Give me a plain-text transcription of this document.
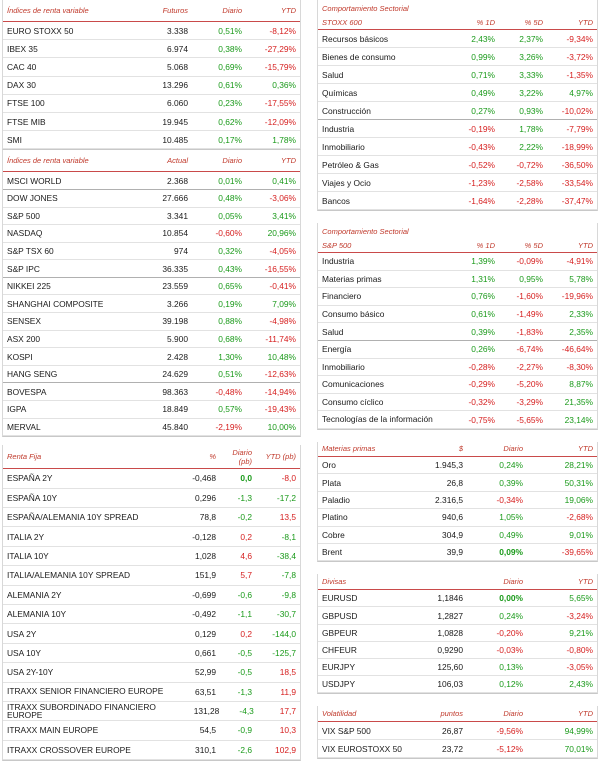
Índices de renta variable	Futuros	Diario	YTD
EURO STOXX 50	3.338	0,51%	-8,12%
IBEX 35	6.974	0,38%	-27,29%
CAC 40	5.068	0,69%	-15,79%
DAX 30	13.296	0,61%	0,36%
FTSE 100	6.060	0,23%	-17,55%
FTSE MIB	19.945	0,62%	-12,09%
SMI	10.485	0,17%	1,78%
Índices de renta variable	Actual	Diario	YTD
MSCI WORLD	2.368	0,01%	0,41%
DOW JONES	27.666	0,48%	-3,06%
S&P 500	3.341	0,05%	3,41%
NASDAQ	10.854	-0,60%	20,96%
S&P TSX 60	974	0,32%	-4,05%
S&P IPC	36.335	0,43%	-16,55%
NIKKEI 225	23.559	0,65%	-0,41%
SHANGHAI COMPOSITE	3.266	0,19%	7,09%
SENSEX	39.198	0,88%	-4,98%
ASX 200	5.900	0,68%	-11,74%
KOSPI	2.428	1,30%	10,48%
HANG SENG	24.629	0,51%	-12,63%
BOVESPA	98.363	-0,48%	-14,94%
IGPA	18.849	0,57%	-19,43%
MERVAL	45.840	-2,19%	10,00%
Renta Fija	%	Diario (pb)	YTD (pb)
ESPAÑA 2Y	-0,468	0,0	-8,0
ESPAÑA 10Y	0,296	-1,3	-17,2
ESPAÑA/ALEMANIA 10Y SPREAD	78,8	-0,2	13,5
ITALIA 2Y	-0,128	0,2	-8,1
ITALIA 10Y	1,028	4,6	-38,4
ITALIA/ALEMANIA 10Y SPREAD	151,9	5,7	-7,8
ALEMANIA 2Y	-0,699	-0,6	-9,8
ALEMANIA 10Y	-0,492	-1,1	-30,7
USA 2Y	0,129	0,2	-144,0
USA 10Y	0,661	-0,5	-125,7
USA 2Y-10Y	52,99	-0,5	18,5
ITRAXX SENIOR FINANCIERO EUROPE	63,51	-1,3	11,9
ITRAXX SUBORDINADO FINANCIERO EUROPE	131,28	-4,3	17,7
ITRAXX MAIN EUROPE	54,5	-0,9	10,3
ITRAXX CROSSOVER EUROPE	310,1	-2,6	102,9
Comportamiento Sectorial
STOXX 600	% 1D	% 5D	YTD
Recursos básicos	2,43%	2,37%	-9,34%
Bienes de consumo	0,99%	3,26%	-3,72%
Salud	0,71%	3,33%	-1,35%
Químicas	0,49%	3,22%	4,97%
Construcción	0,27%	0,93%	-10,02%
Industria	-0,19%	1,78%	-7,79%
Inmobiliario	-0,43%	2,22%	-18,99%
Petróleo & Gas	-0,52%	-0,72%	-36,50%
Viajes y Ocio	-1,23%	-2,58%	-33,54%
Bancos	-1,64%	-2,28%	-37,47%
Comportamiento Sectorial
S&P 500	% 1D	% 5D	YTD
Industria	1,39%	-0,09%	-4,91%
Materias primas	1,31%	0,95%	5,78%
Financiero	0,76%	-1,60%	-19,96%
Consumo básico	0,61%	-1,49%	2,33%
Salud	0,39%	-1,83%	2,35%
Energía	0,26%	-6,74%	-46,64%
Inmobiliario	-0,28%	-2,27%	-8,30%
Comunicaciones	-0,29%	-5,20%	8,87%
Consumo cíclico	-0,32%	-3,29%	21,35%
Tecnologías de la información	-0,75%	-5,65%	23,14%
Materias primas	$	Diario	YTD
Oro	1.945,3	0,24%	28,21%
Plata	26,8	0,39%	50,31%
Paladio	2.316,5	-0,34%	19,06%
Platino	940,6	1,05%	-2,68%
Cobre	304,9	0,49%	9,01%
Brent	39,9	0,09%	-39,65%
Divisas	Diario	YTD
EURUSD	1,1846	0,00%	5,65%
GBPUSD	1,2827	0,24%	-3,24%
GBPEUR	1,0828	-0,20%	9,21%
CHFEUR	0,9290	-0,03%	-0,80%
EURJPY	125,60	0,13%	-3,05%
USDJPY	106,03	0,12%	2,43%
Volatilidad	puntos	Diario	YTD
VIX S&P 500	26,87	-9,56%	94,99%
VIX EUROSTOXX 50	23,72	-5,12%	70,01%
